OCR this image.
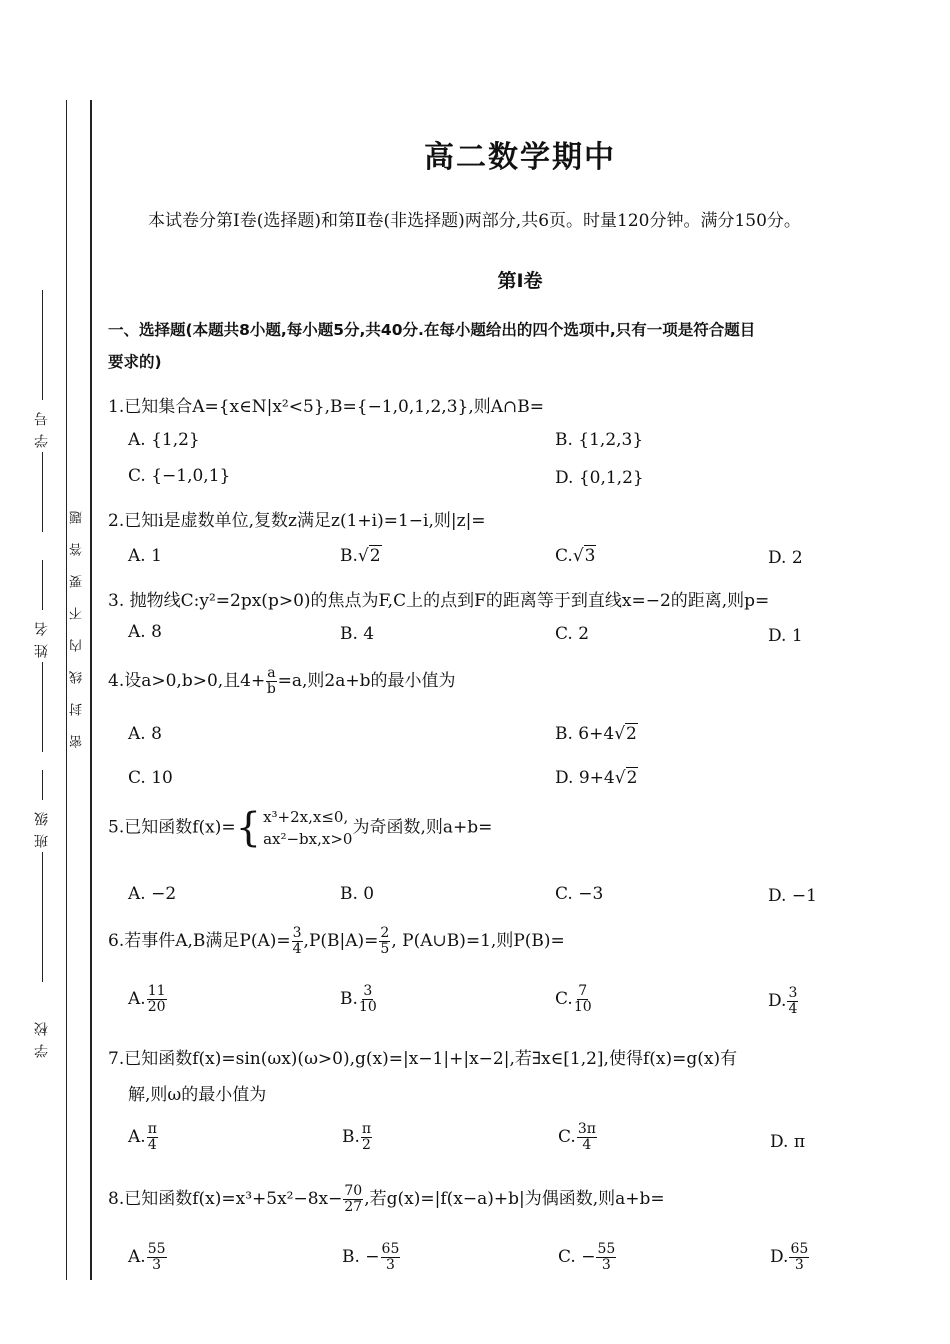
学号
姓名
班级
学校
题
答
要
不
内
线
封
密
高二数学期中
本试卷分第Ⅰ卷(选择题)和第Ⅱ卷(非选择题)两部分,共6页。时量120分钟。满分150分。
第Ⅰ卷
一、选择题(本题共8小题,每小题5分,共40分.在每小题给出的四个选项中,只有一项是符合题目
要求的)
1.已知集合A={x∈N|x²<5},B={−1,0,1,2,3},则A∩B=
A. {1,2}	B. {1,2,3}
C. {−1,0,1}	D. {0,1,2}
2.已知i是虚数单位,复数z满足z(1+i)=1−i,则|z|=
A. 1	B.√2	C.√3	D. 2
3. 抛物线C:y²=2px(p>0)的焦点为F,C上的点到F的距离等于到直线x=−2的距离,则p=
A. 8	B. 4	C. 2	D. 1
4.设a>0,b>0,且$4+ \frac{a}{b} =a$,则2a+b的最小值为
A. 8	B. 6+4√2
C. 10	D. 9+4√2
5.已知函数f(x)= { x³+2x,x≤0,
ax²−bx,x>0
为奇函数,则a+b=
A. −2	B. 0	C. −3	D. −1
6.若事件A,B满足$P(A)= \frac{3}{4} ,P(B|A)= \frac{2}{5}$ , P(A∪B)=1,则P(B)=
A. $\frac{11}{20}$	B. $\frac{3}{10}$	C. $\frac{7}{10}$	D. $\frac{3}{4}$
7.已知函数f(x)=sin(ωx)(ω>0),g(x)=|x−1|+|x−2|,若∃x∈[1,2],使得f(x)=g(x)有
解,则ω的最小值为
A. $\frac{\pi}{4}$	B. $\frac{\pi}{2}$	C. $\frac{3\pi}{4}$	D. π
8.已知函数$f(x)=x^3+5x^2-8x- \frac{70}{27}$ ,若g(x)=|f(x−a)+b|为偶函数,则a+b=
A. $\frac{55}{3}$	B. − $\frac{65}{3}$	C. − $\frac{55}{3}$	D. $\frac{65}{3}$
